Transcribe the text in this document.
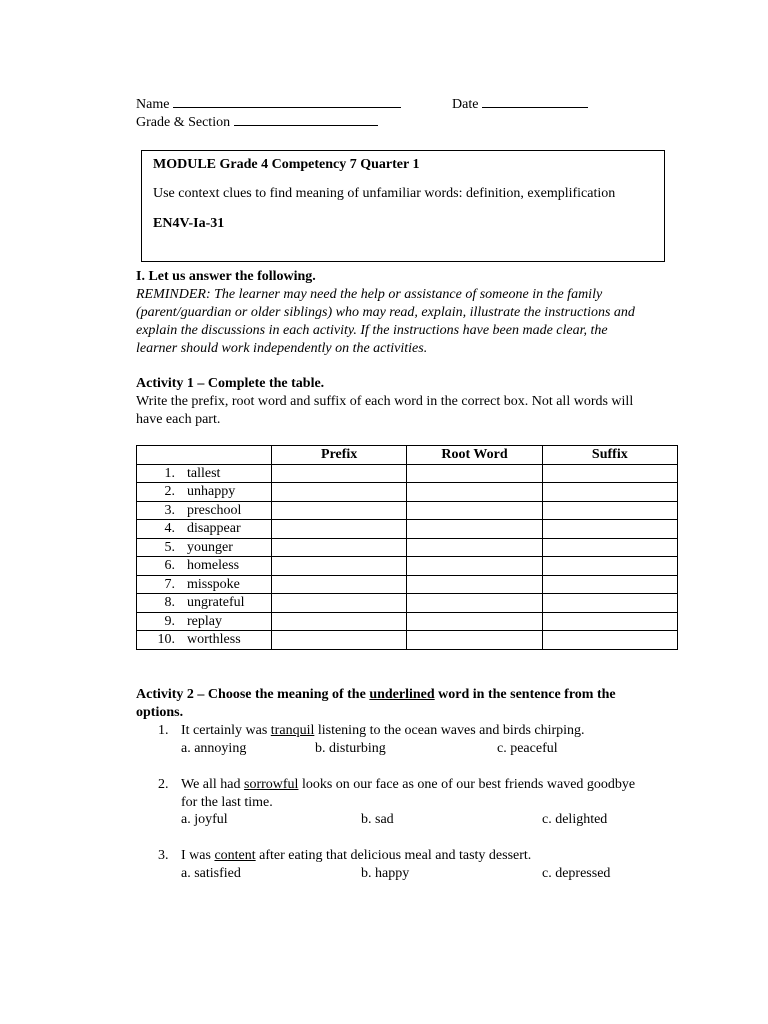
Name	Date
Grade & Section
MODULE Grade 4 Competency 7 Quarter 1
Use context clues to find meaning of unfamiliar words: definition, exemplification
EN4V-Ia-31
I. Let us answer the following.
REMINDER: The learner may need the help or assistance of someone in the family
(parent/guardian or older siblings) who may read, explain, illustrate the instructions and
explain the discussions in each activity. If the instructions have been made clear, the
learner should work independently on the activities.
Activity 1 – Complete the table.
Write the prefix, root word and suffix of each word in the correct box. Not all words will
have each part.
	Prefix	Root Word	Suffix

1. tallest			

2. unhappy			

3. preschool			

4. disappear			

5. younger			

6. homeless			

7. misspoke			

8. ungrateful			

9. replay			

10. worthless			
Activity 2 – Choose the meaning of the underlined word in the sentence from the
options.
1. It certainly was tranquil listening to the ocean waves and birds chirping.
a. annoying	b. disturbing	c. peaceful
2. We all had sorrowful looks on our face as one of our best friends waved goodbye
for the last time.
a. joyful	b. sad	c. delighted
3. I was content after eating that delicious meal and tasty dessert.
a. satisfied	b. happy	c. depressed
